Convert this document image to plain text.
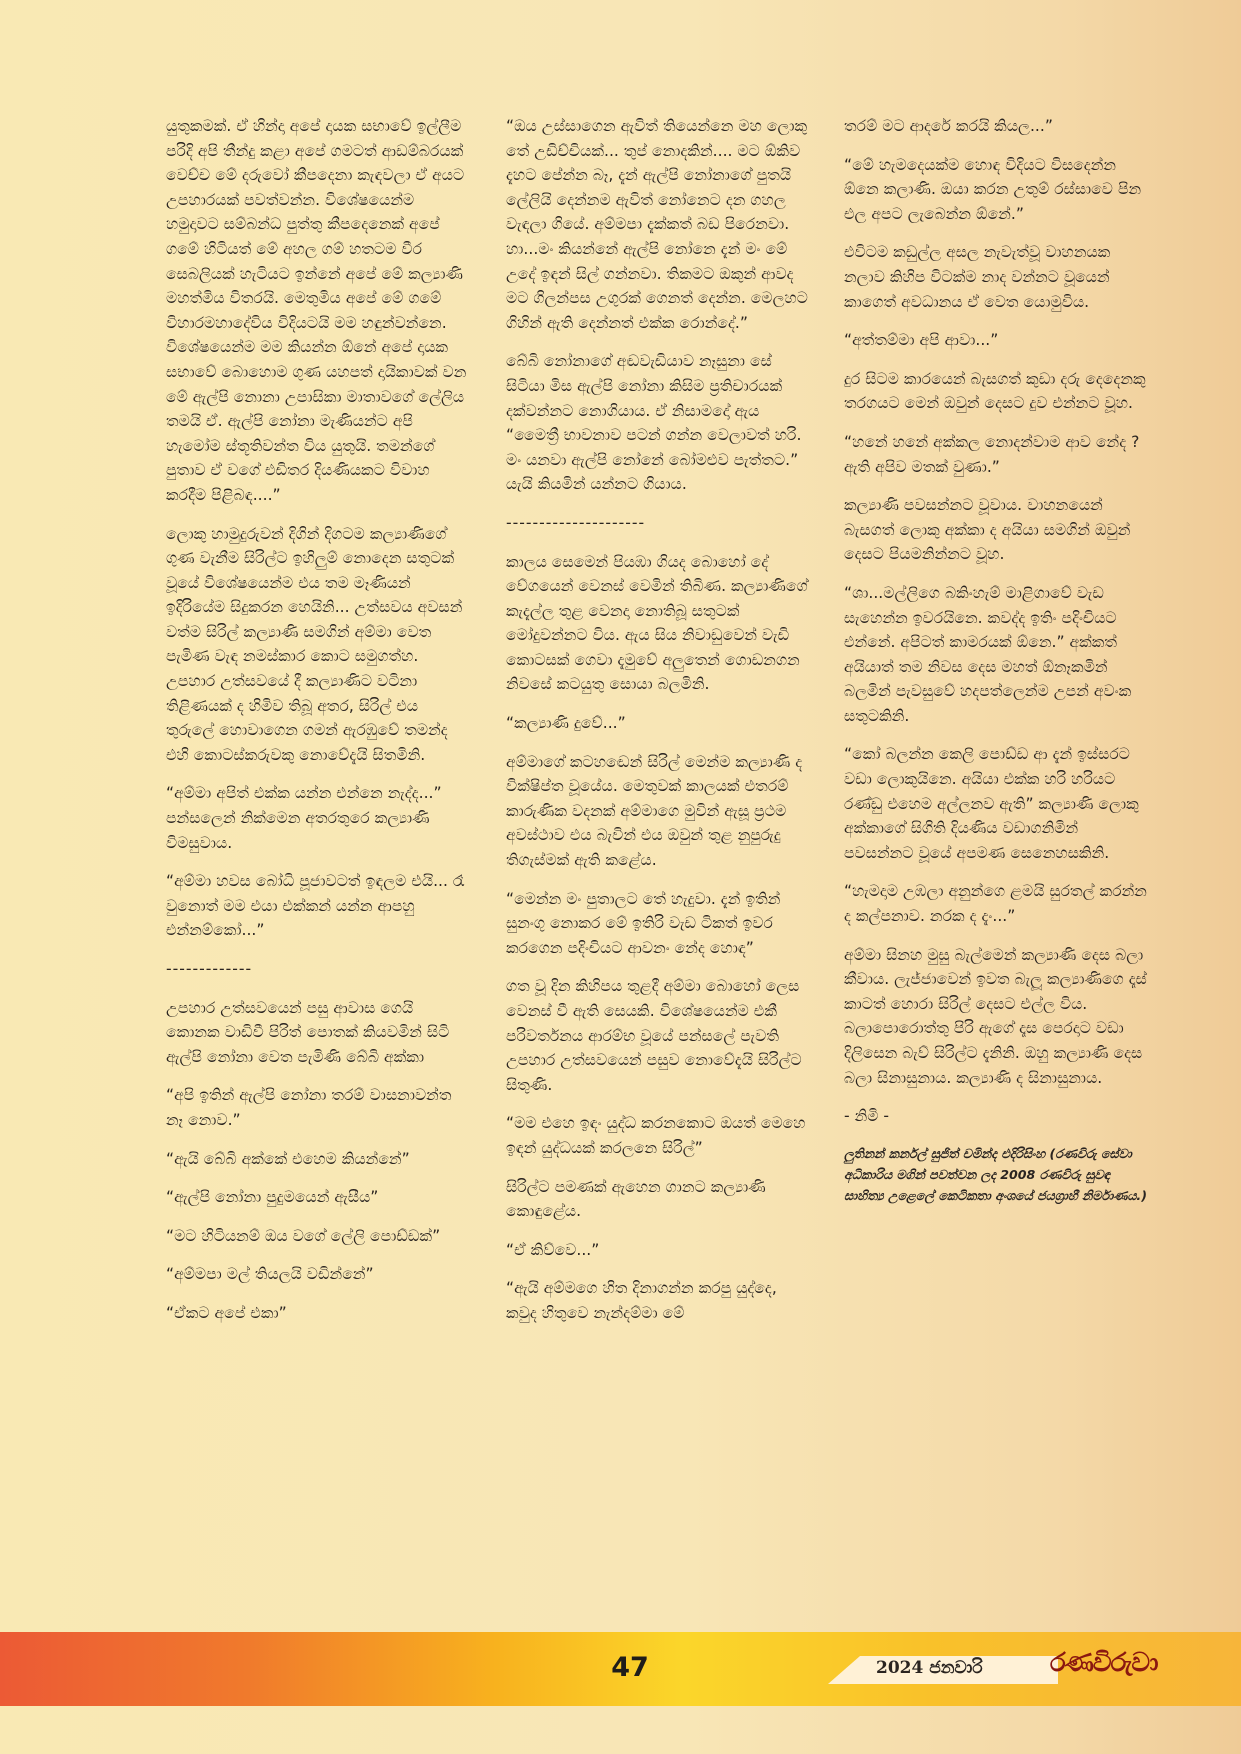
යුතුකමක්. ඒ හින්දා අපේ දායක සභාවේ ඉල්ලීම පරිදි අපි තීන්දු කළා අපේ ගමටත් ආඩම්බරයක් වෙච්ච මේ දරුවෝ කීපදෙනා කැඳවලා ඒ අයට උපහාරයක් පවත්වන්න. විශේෂයෙන්ම හමුදාවට සම්බන්ධ පුත්තු කීපදෙනෙක් අපේ ගමේ හිටියත් මේ අහල ගම් හතටම වීර සෙබලියක් හැටියට ඉන්නේ අපේ මේ කල්‍යාණි මහත්මිය විතරයි. මෙතුමිය අපේ මේ ගමේ විහාරමහාදේවිය විදියටයි මම හඳුන්වන්නෙ. විශේෂයෙන්ම මම කියන්න ඕනේ අපේ දායක සභාවේ බොහොම ගුණ යහපත් දායිකාවක් වන මේ ඇල්පි නොනා උපාසිකා මාතාවගේ ලේලිය තමයි ඒ. ඇල්පි නෝනා මැණියන්ට අපි හැමෝම ස්තූතිවන්ත විය යුතුයි. තමන්ගේ පුතාව ඒ වගේ එඩිතර දියණියකට විවාහ කරදීම පිළිබඳ....”

ලොකු හාමුදුරුවන් දිගින් දිගටම කල්‍යාණිගේ ගුණ වැනීම සිරිල්ට ඉහිලුම් නොදෙන සතුටක් වූයේ විශේෂයෙන්ම එය තම මෑණියන් ඉදිරියේම සිදුකරන හෙයිනි... උත්සවය අවසන් වත්ම සිරිල් කල්‍යාණි සමගින් අම්මා වෙත පැමිණ වැඳ නමස්කාර කොට සමුගත්හ. උපහාර උත්සවයේ දී කල්‍යාණිට වටිනා තිළිණයක් ද හිමිව තිබූ අතර, සිරිල් එය තුරුලේ හොවාගෙන ගමන් ඇරඹුවේ තමන්ද එහි කොටස්කරුවකු නොවේදැයි සිතමිනි.

“අම්මා අපිත් එක්ක යන්න එන්නෙ නැද්ද...” පන්සලෙන් නික්මෙන අතරතුරෙ කල්‍යාණි විමසුවාය.

“අම්මා හවස බෝධි පූජාවටත් ඉඳලම එයි... රෑ වුනොත් මම එයා එක්කන් යන්න ආපහු එන්නම්කෝ...”

-------------

උපහාර උත්සවයෙන් පසු ආවාස ගෙයි කොනක වාඩිවී පිරිත් පොතක් කියවමින් සිටි ඇල්පි නෝනා වෙත පැමිණි බේබි අක්කා

“අපි ඉතින් ඇල්පි නෝනා තරම් වාසනාවන්ත නෑ නොව.”

“ඇයි බේබි අක්කේ එහෙම කියන්නේ”

“ඇල්පි නෝනා පුදුමයෙන් ඇසීය”

“මට හිටියනම් ඔය වගේ ලේලි පොඩ්ඩක්”

“අම්මපා මල් තියලයි වඩින්නේ”

“ඒකට අපේ එකා”

“ඔය උස්සාගෙන ඇවිත් තියෙන්නෙ මහ ලොකු තේ උඩිච්චියක්... තුප් නොදකින්.... මට ඕකිව දැහට පේන්න බෑ, දැන් ඇල්පි නෝනාගේ පුතයි ලේලියි දෙන්නම ඇවිත් නෝනෙට දන ගහල වැඳලා ගියේ. අම්මපා දැක්කත් බඩ පිරෙනවා. හා...මං කියන්නේ ඇල්පි නෝනෙ දැන් මං මේ උදේ ඉඳන් සිල් ගන්නවා. තිකමට ඔකුන් ආවද මට ගිලන්පස උගුරක් ගෙනත් දෙන්න. මෙලහට ගිහින් ඇති දෙන්නත් එක්ක රොන්දේ.”

බේබි නෝනාගේ අඬවැඩියාව නෑසුනා සේ සිටියා මිස ඇල්පි නෝනා කිසිම ප්‍රතිචාරයක් දක්වන්නට නොගියාය. ඒ නිසාමදෝ ඇය “මෛත්‍රී භාවනාව පටන් ගන්න වෙලාවත් හරි. මං යනවා ඇල්පි නෝනේ බෝමළුව පැත්තට.” යැයි කියමින් යන්නට ගියාය.

---------------------

කාලය සෙමෙන් පියඹා ගියද බොහෝ දේ වේගයෙන් වෙනස් වෙමින් තිබිණ. කල්‍යාණිගේ කැදැල්ල තුළ වෙනදා නොතිබූ සතුටක් මෝදුවන්නට විය. ඇය සිය නිවාඩුවෙන් වැඩි කොටසක් ගෙවා දැමුවේ අලුතෙන් ගොඩනගන නිවසේ කටයුතු සොයා බලමිනි.

“කල්‍යාණි දුවේ...”

අම්මාගේ කටහඬෙන් සිරිල් මෙන්ම කල්‍යාණි ද වික්ෂිප්ත වූයේය. මෙතුවක් කාලයක් එතරම් කාරුණික වදනක් අම්මාගෙ මුවින් ඇසූ ප්‍රථම අවස්ථාව එය බැවින් එය ඔවුන් තුළ නුපුරුදු තිගැස්මක් ඇති කළේය.

“මෙන්න මං පුතාලට තේ හැදුවා. දැන් ඉතින් සුනංගු නොකර මේ ඉතිරි වැඩ ටිකත් ඉවර කරගෙන පදිංචියට ආවනං නේද හොඳ”

ගත වූ දින කිහිපය තුළදී අම්මා බොහෝ ලෙස වෙනස් වී ඇති සෙයකි. විශේෂයෙන්ම එකී පරිවර්තනය ආරම්භ වූයේ පන්සලේ පැවති උපහාර උත්සවයෙන් පසුව නොවේදැයි සිරිල්ට සිතුණි.

“මම එහෙ ඉඳං යුද්ධ කරනකොට ඔයත් මෙහෙ ඉඳන් යුද්ධයක් කරලනෙ සිරිල්”

සිරිල්ට පමණක් ඇහෙන ගානට කල්‍යාණි කොඳුළේය.

“ඒ කිව්වෙ...”

“ඇයි අම්මගෙ හිත දිනාගන්න කරපු යුද්දෙ, කවුද හිතුවෙ නැන්දම්මා මේ

තරම් මට ආදරේ කරයි කියල...”

“මේ හැමදෙයක්ම හොඳ විදියට විසදෙන්න ඕනෙ කලාණි. ඔයා කරන උතුම් රස්සාවෙ පින එල අපට ලැබෙන්න ඕනේ.”

එවිටම කඩුල්ල අසල නැවැත්වූ වාහනයක නලාව කිහිප විටක්ම නාද වන්නට වූයෙන් කාගෙත් අවධානය ඒ වෙත යොමුවිය.

“අත්තම්මා අපි ආවා...”

දුර සිටම කාරයෙන් බැසගත් කුඩා දරු දෙදෙනකු තරගයට මෙන් ඔවුන් දෙසට දුව එන්නට වූහ.

“හනේ හනේ අක්කල නොදන්වාම ආව නේද ? ඇති අපිව මතක් වුණා.”

කල්‍යාණි පවසන්නට වූවාය. වාහනයෙන් බැසගත් ලොකු අක්කා ද අයියා සමගින් ඔවුන් දෙසට පියමනින්නට වූහ.

“ශා...මල්ලිගෙ බකිංහැම් මාළිගාවේ වැඩ සැහෙන්න ඉවරයිනෙ. කවද්ද ඉතිං පදිංචියට එන්නේ. අපිටත් කාමරයක් ඕනෙ.” අක්කත් අයියාත් තම නිවස දෙස මහත් ඕනෑකමින් බලමින් පැවසුවේ හදපත්ලෙන්ම උපන් අවංක සතුටකිනි.

“කෝ බලන්න කෙලි පොඩ්ඩ ආ දැන් ඉස්සරට වඩා ලොකුයිනෙ. අයියා එක්ක හරි හරියට රණ්ඩු එහෙම අල්ලනව ඇති” කල්‍යාණි ලොකු අක්කාගේ සිගිති දියණිය වඩාගනිමින් පවසන්නට වූයේ අපමණ සෙනෙහසකිනි.

“හැමදාම උඹලා අනුන්ගෙ ළමයි සුරතල් කරන්න ද කල්පනාව. නරක ද දැං...”

අම්මා සිනහ මුසු බැල්මෙන් කල්‍යාණි දෙස බලා කීවාය. ලැජ්ජාවෙන් ඉවත බැලූ කල්‍යාණිගෙ දෑස් කාටත් හොරා සිරිල් දෙසට එල්ල විය. බලාපොරොත්තු පිරි ඇගේ දෑස පෙරදාට වඩා දිලිසෙන බැව් සිරිල්ට දැනිනි. ඔහු කල්‍යාණි දෙස බලා සිනාසුනාය. කල්‍යාණි ද සිනාසුනාය.

- නිමි -

ලුතිනන් කර්නල් සුජිත් චමින්ද එදිරිසිංහ (රණවිරු සේවා අධිකාරිය මගින් පවත්වන ලද 2008 රණවිරු සුවඳ සාහිත්‍ය උළෙලේ කෙටිකතා අංශයේ ජයග්‍රාහී නිර්මාණය.)

47	2024 ජනවාරි	රණවිරුවා
